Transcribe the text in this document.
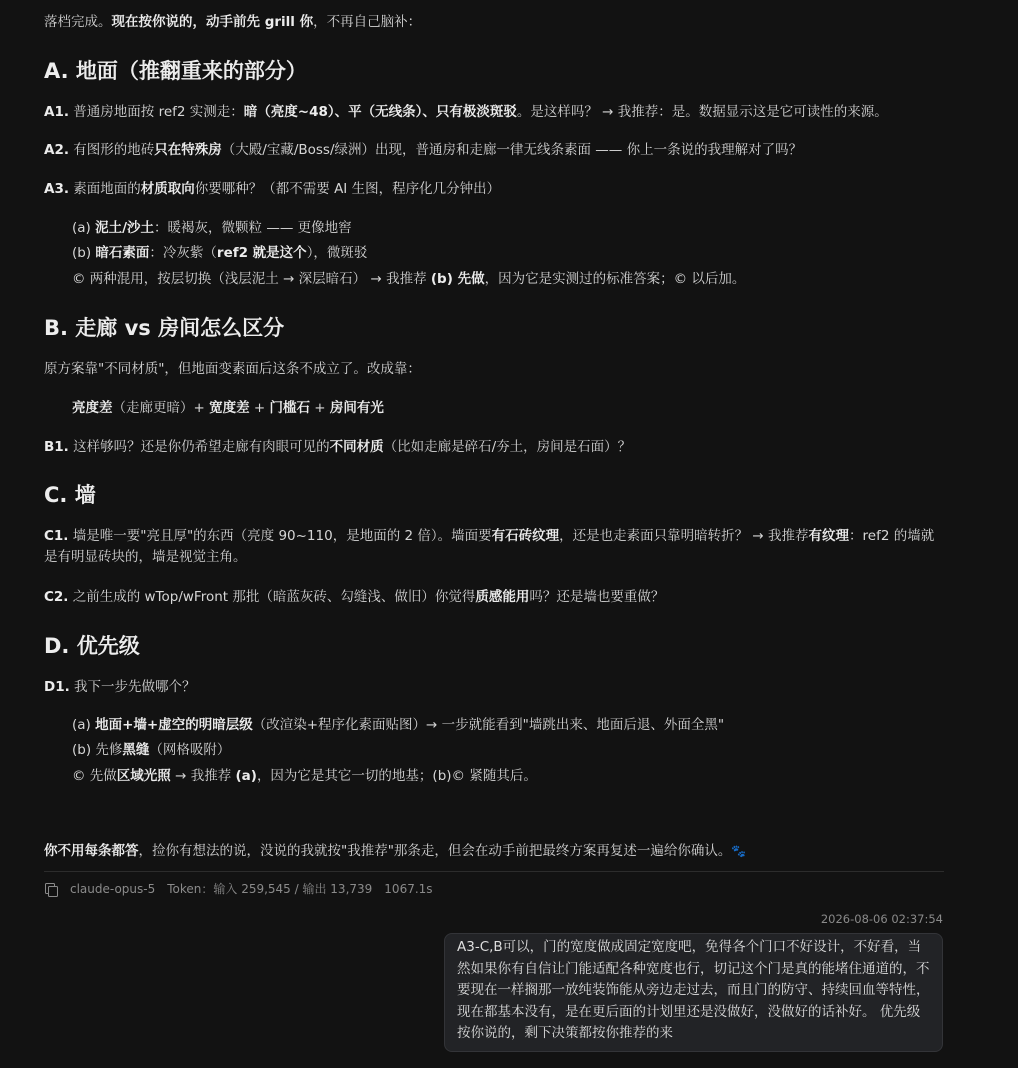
落档完成。现在按你说的，动手前先 grill 你，不再自己脑补：

A. 地面（推翻重来的部分）

A1. 普通房地面按 ref2 实测走：暗（亮度~48）、平（无线条）、只有极淡斑驳。是这样吗？ → 我推荐：是。数据显示这是它可读性的来源。

A2. 有图形的地砖只在特殊房（大殿/宝藏/Boss/绿洲）出现，普通房和走廊一律无线条素面 —— 你上一条说的我理解对了吗？

A3. 素面地面的材质取向你要哪种？（都不需要 AI 生图，程序化几分钟出）

(a) 泥土/沙土：暖褐灰，微颗粒 —— 更像地窖

(b) 暗石素面：冷灰紫（ref2 就是这个），微斑驳

© 两种混用，按层切换（浅层泥土 → 深层暗石） → 我推荐 (b) 先做，因为它是实测过的标准答案；© 以后加。

B. 走廊 vs 房间怎么区分

原方案靠"不同材质"，但地面变素面后这条不成立了。改成靠：

亮度差（走廊更暗）+ 宽度差 + 门槛石 + 房间有光

B1. 这样够吗？还是你仍希望走廊有肉眼可见的不同材质（比如走廊是碎石/夯土，房间是石面）？

C. 墙

C1. 墙是唯一要"亮且厚"的东西（亮度 90~110，是地面的 2 倍）。墙面要有石砖纹理，还是也走素面只靠明暗转折？ → 我推荐有纹理：ref2 的墙就是有明显砖块的，墙是视觉主角。

C2. 之前生成的 wTop/wFront 那批（暗蓝灰砖、勾缝浅、做旧）你觉得质感能用吗？还是墙也要重做？

D. 优先级

D1. 我下一步先做哪个？

(a) 地面+墙+虚空的明暗层级（改渲染+程序化素面贴图）→ 一步就能看到"墙跳出来、地面后退、外面全黑"

(b) 先修黑缝（网格吸附）

© 先做区域光照 → 我推荐 (a)，因为它是其它一切的地基；(b)© 紧随其后。

你不用每条都答，捡你有想法的说，没说的我就按"我推荐"那条走，但会在动手前把最终方案再复述一遍给你确认。🐾

claude-opus-5 Token：输入 259,545 / 输出 13,739 1067.1s
2026-08-06 02:37:54
A3-C,B可以，门的宽度做成固定宽度吧，免得各个门口不好设计，不好看，当然如果你有自信让门能适配各种宽度也行，切记这个门是真的能堵住通道的，不要现在一样搁那一放纯装饰能从旁边走过去，而且门的防守、持续回血等特性，现在都基本没有，是在更后面的计划里还是没做好，没做好的话补好。 优先级按你说的，剩下决策都按你推荐的来
